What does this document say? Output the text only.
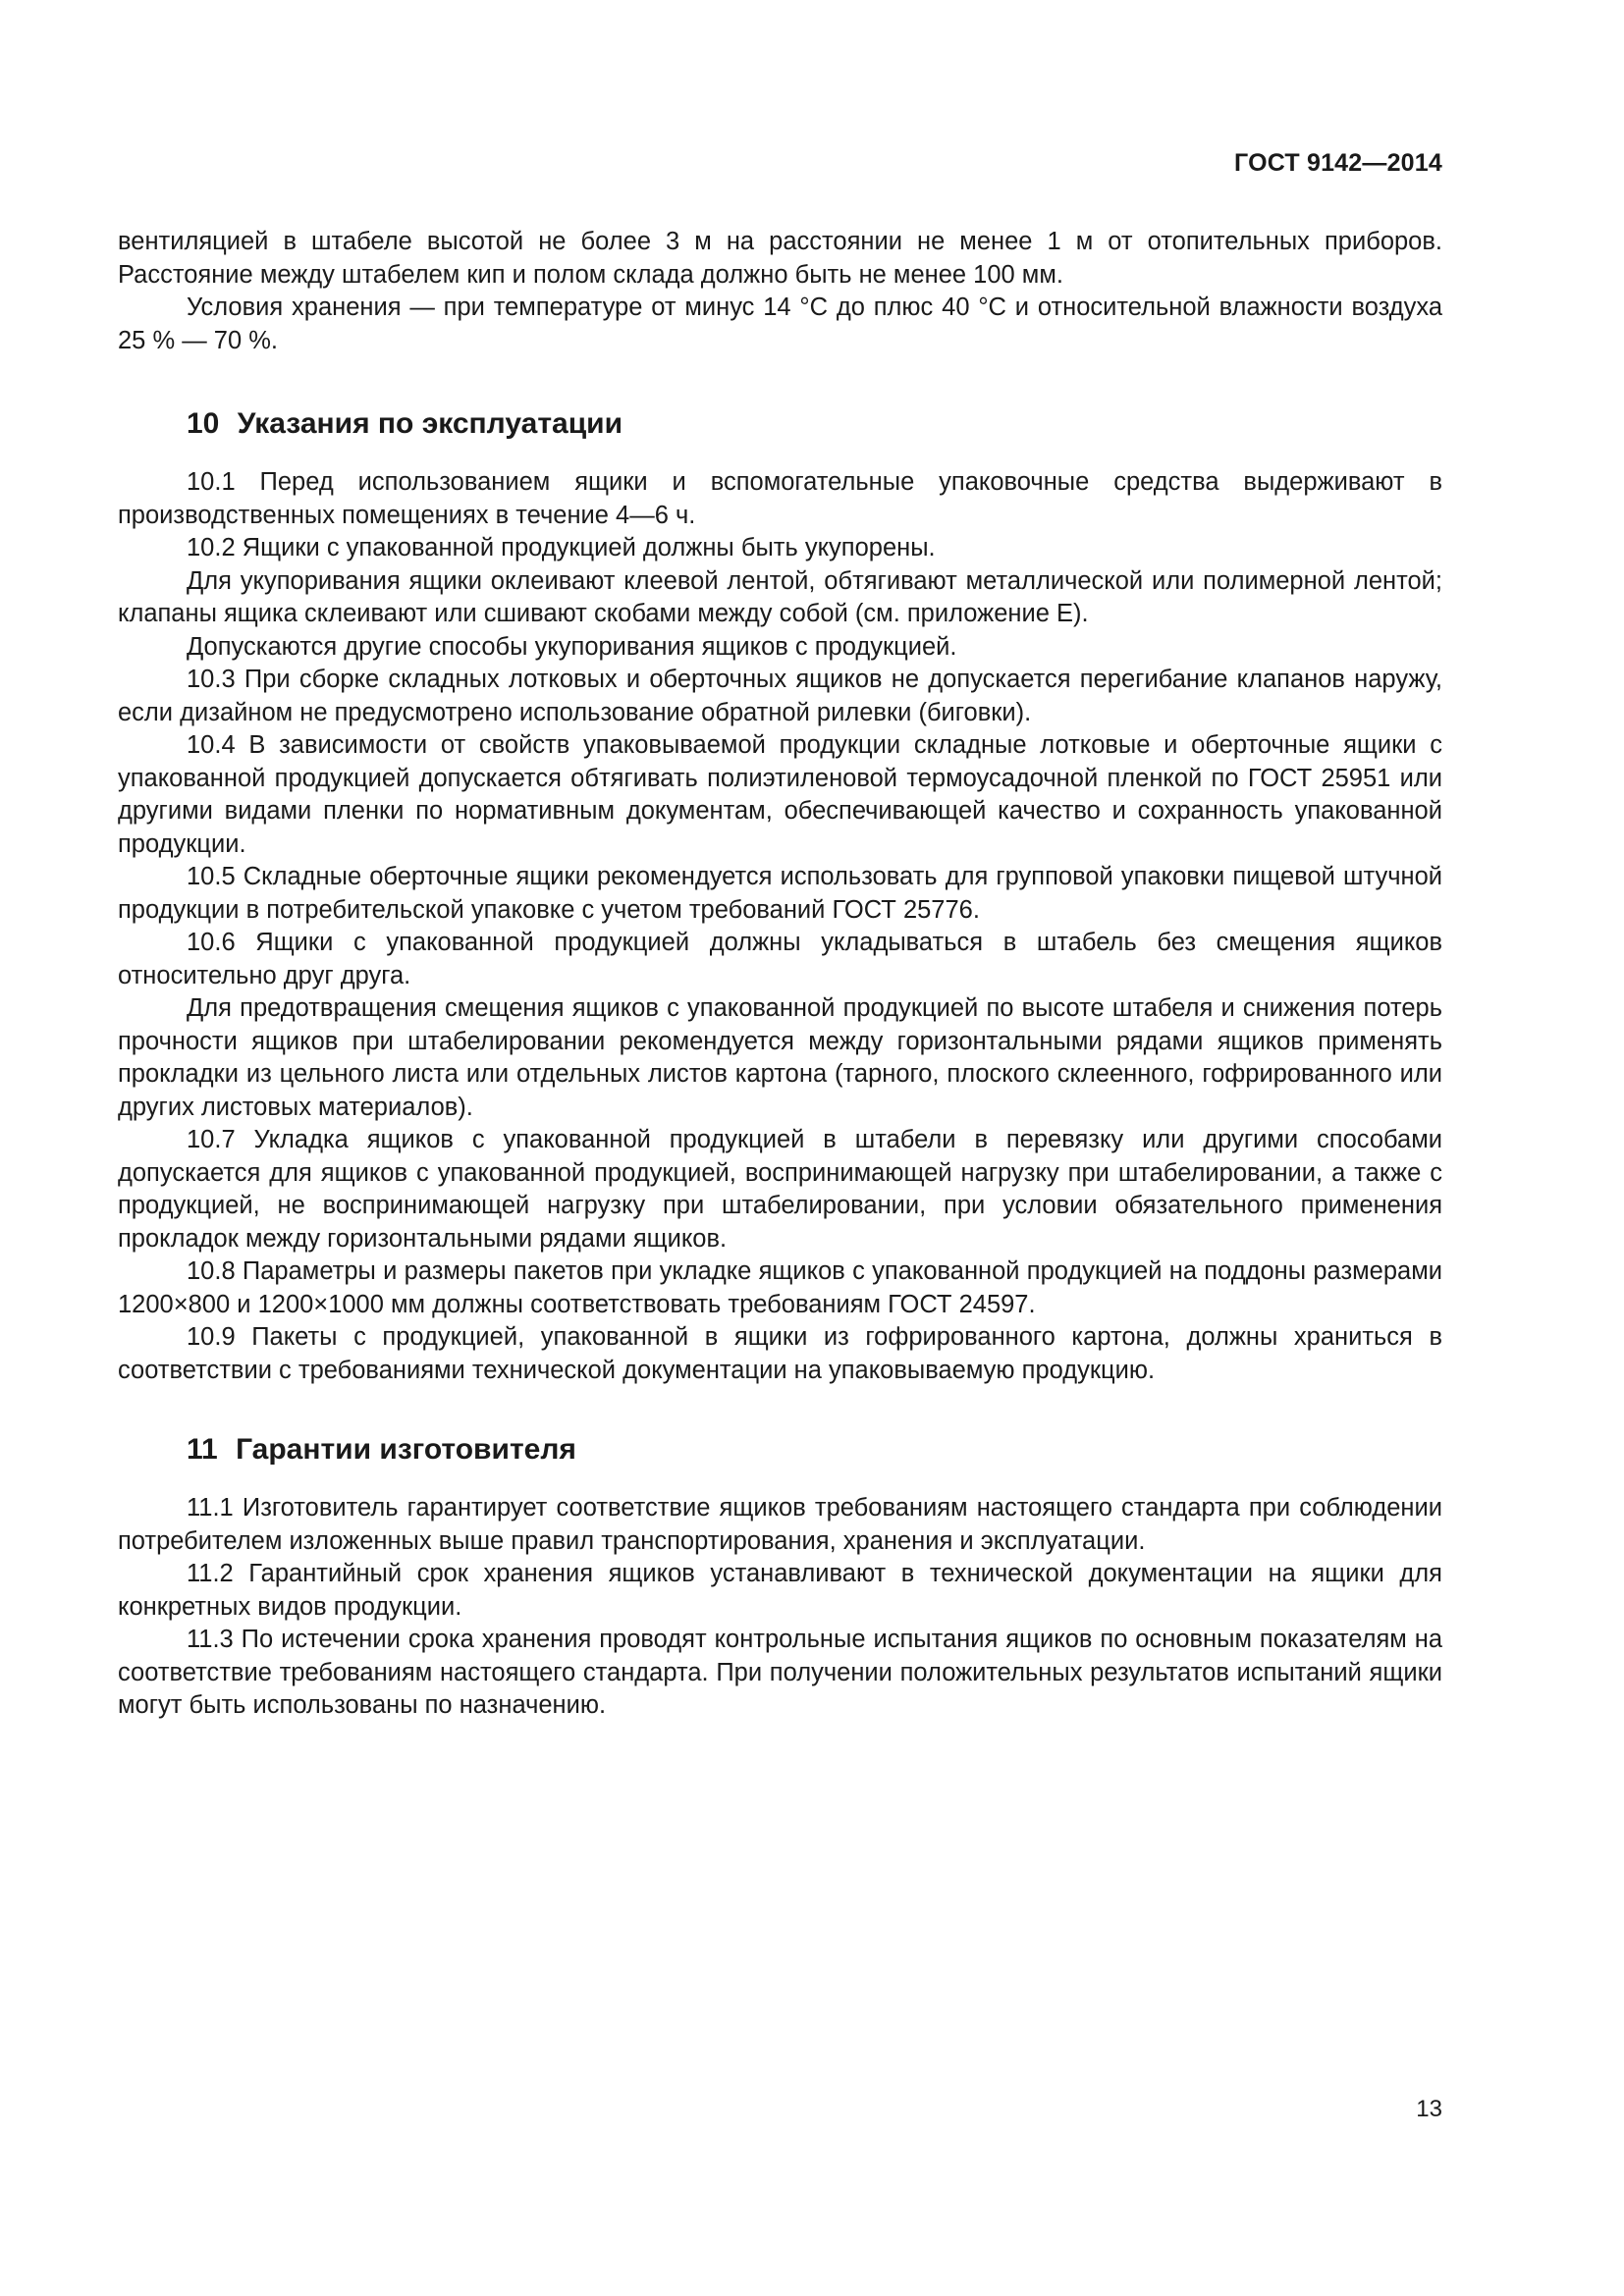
ГОСТ 9142—2014

вентиляцией в штабеле высотой не более 3 м на расстоянии не менее 1 м от отопительных приборов. Расстояние между штабелем кип и полом склада должно быть не менее 100 мм.

Условия хранения — при температуре от минус 14 °С до плюс 40 °С и относительной влажности воздуха 25 % — 70 %.

10 Указания по эксплуатации

10.1 Перед использованием ящики и вспомогательные упаковочные средства выдерживают в производственных помещениях в течение 4—6 ч.

10.2 Ящики с упакованной продукцией должны быть укупорены.

Для укупоривания ящики оклеивают клеевой лентой, обтягивают металлической или полимерной лентой; клапаны ящика склеивают или сшивают скобами между собой (см. приложение Е).

Допускаются другие способы укупоривания ящиков с продукцией.

10.3 При сборке складных лотковых и оберточных ящиков не допускается перегибание клапанов наружу, если дизайном не предусмотрено использование обратной рилевки (биговки).

10.4 В зависимости от свойств упаковываемой продукции складные лотковые и оберточные ящики с упакованной продукцией допускается обтягивать полиэтиленовой термоусадочной пленкой по ГОСТ 25951 или другими видами пленки по нормативным документам, обеспечивающей качество и сохранность упакованной продукции.

10.5 Складные оберточные ящики рекомендуется использовать для групповой упаковки пищевой штучной продукции в потребительской упаковке с учетом требований ГОСТ 25776.

10.6 Ящики с упакованной продукцией должны укладываться в штабель без смещения ящиков относительно друг друга.

Для предотвращения смещения ящиков с упакованной продукцией по высоте штабеля и снижения потерь прочности ящиков при штабелировании рекомендуется между горизонтальными рядами ящиков применять прокладки из цельного листа или отдельных листов картона (тарного, плоского склеенного, гофрированного или других листовых материалов).

10.7 Укладка ящиков с упакованной продукцией в штабели в перевязку или другими способами допускается для ящиков с упакованной продукцией, воспринимающей нагрузку при штабелировании, а также с продукцией, не воспринимающей нагрузку при штабелировании, при условии обязательного применения прокладок между горизонтальными рядами ящиков.

10.8 Параметры и размеры пакетов при укладке ящиков с упакованной продукцией на поддоны размерами 1200×800 и 1200×1000 мм должны соответствовать требованиям ГОСТ 24597.

10.9 Пакеты с продукцией, упакованной в ящики из гофрированного картона, должны храниться в соответствии с требованиями технической документации на упаковываемую продукцию.

11 Гарантии изготовителя

11.1 Изготовитель гарантирует соответствие ящиков требованиям настоящего стандарта при соблюдении потребителем изложенных выше правил транспортирования, хранения и эксплуатации.

11.2 Гарантийный срок хранения ящиков устанавливают в технической документации на ящики для конкретных видов продукции.

11.3 По истечении срока хранения проводят контрольные испытания ящиков по основным показателям на соответствие требованиям настоящего стандарта. При получении положительных результатов испытаний ящики могут быть использованы по назначению.

13
